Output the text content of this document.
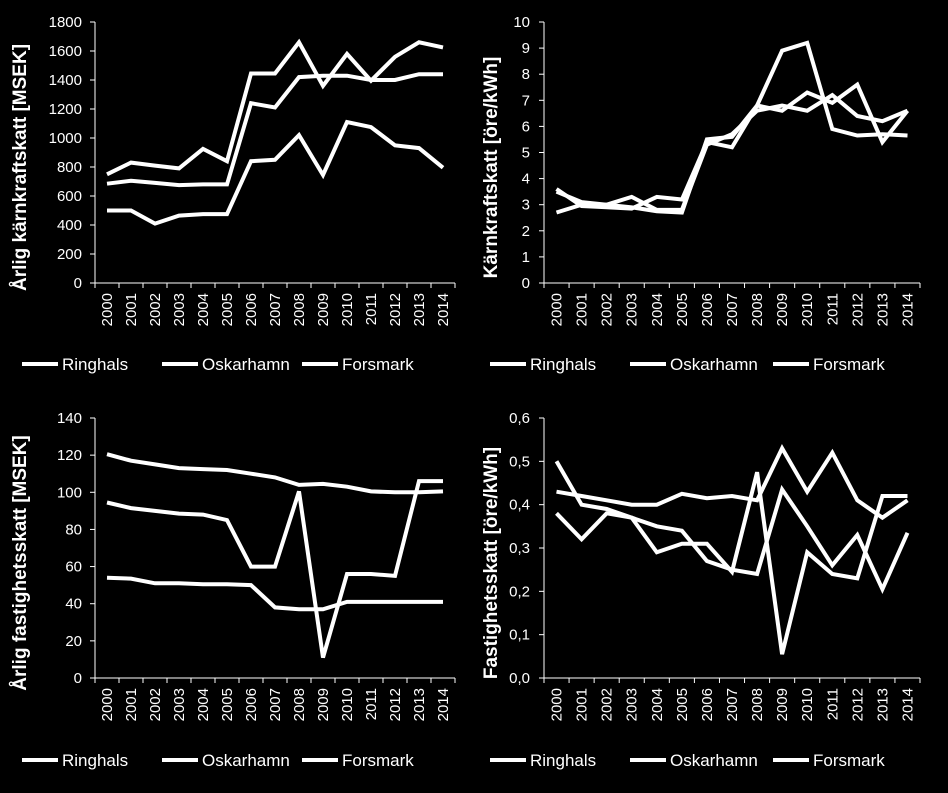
0
200
400
600
800
1000
1200
1400
1600
1800
2000 2001 2002 2003 2004 2005 2006 2007 2008 2009 2010 2011 2012 2013 2014
Årlig kärnkraftskatt [MSEK]
Ringhals	Oskarhamn	Forsmark
0
1
2
3
4
5
6
7
8
9
10
2000 2001 2002 2003 2004 2005 2006 2007 2008 2009 2010 2011 2012 2013 2014
Kärnkraftskatt [öre/kWh]
Ringhals	Oskarhamn	Forsmark
0
20
40
60
80
100
120
140
2000 2001 2002 2003 2004 2005 2006 2007 2008 2009 2010 2011 2012 2013 2014
Årlig fastighetsskatt [MSEK]
Ringhals	Oskarhamn	Forsmark
0,0
0,1
0,2
0,3
0,4
0,5
0,6
2000 2001 2002 2003 2004 2005 2006 2007 2008 2009 2010 2011 2012 2013 2014
Fastighetsskatt [öre/kWh]
Ringhals	Oskarhamn	Forsmark
